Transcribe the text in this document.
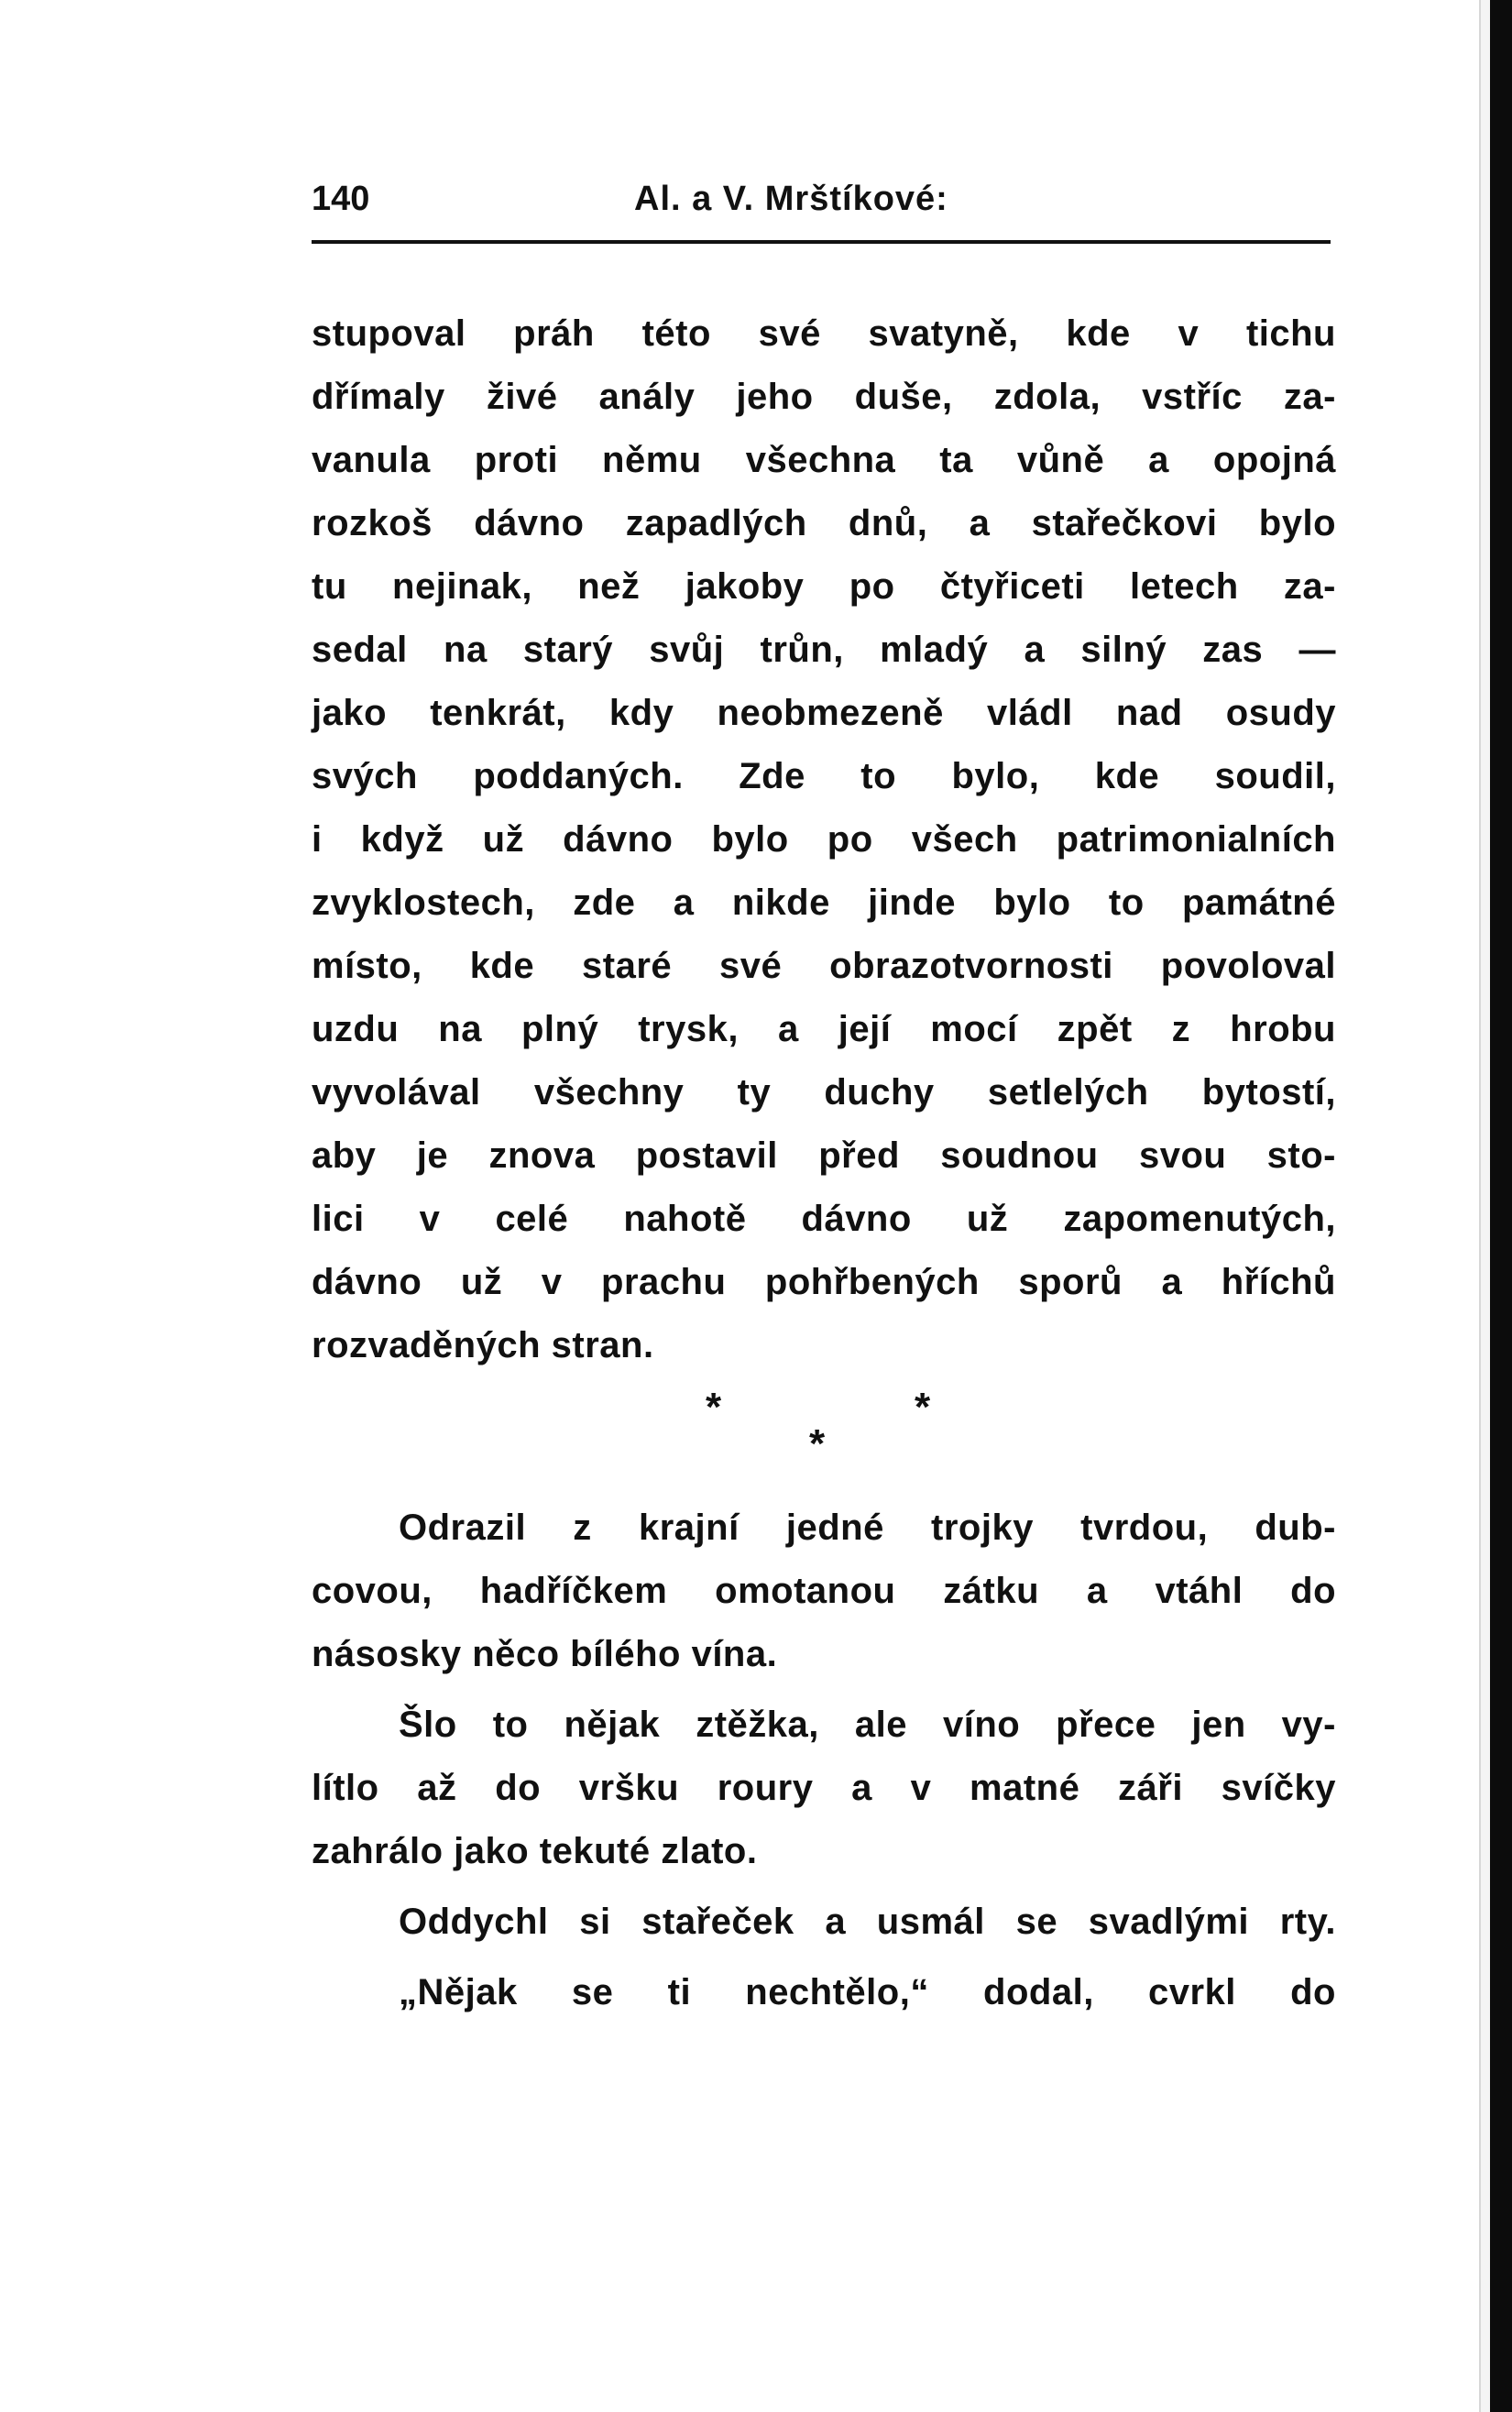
140	Al. a V. Mrštíkové:
stupoval práh této své svatyně, kde v tichu
dřímaly živé anály jeho duše, zdola, vstříc za-
vanula proti němu všechna ta vůně a opojná
rozkoš dávno zapadlých dnů, a stařečkovi bylo
tu nejinak, než jakoby po čtyřiceti letech za-
sedal na starý svůj trůn, mladý a silný zas —
jako tenkrát, kdy neobmezeně vládl nad osudy
svých poddaných. Zde to bylo, kde soudil,
i když už dávno bylo po všech patrimonialních
zvyklostech, zde a nikde jinde bylo to památné
místo, kde staré své obrazotvornosti povoloval
uzdu na plný trysk, a její mocí zpět z hrobu
vyvolával všechny ty duchy setlelých bytostí,
aby je znova postavil před soudnou svou sto-
lici v celé nahotě dávno už zapomenutých,
dávno už v prachu pohřbených sporů a hříchů
rozvaděných stran.
*	*
*
Odrazil z krajní jedné trojky tvrdou, dub-
covou, hadříčkem omotanou zátku a vtáhl do
násosky něco bílého vína.
Šlo to nějak ztěžka, ale víno přece jen vy-
lítlo až do vršku roury a v matné záři svíčky
zahrálo jako tekuté zlato.
Oddychl si stařeček a usmál se svadlými rty.
„Nějak se ti nechtělo,“ dodal, cvrkl do
